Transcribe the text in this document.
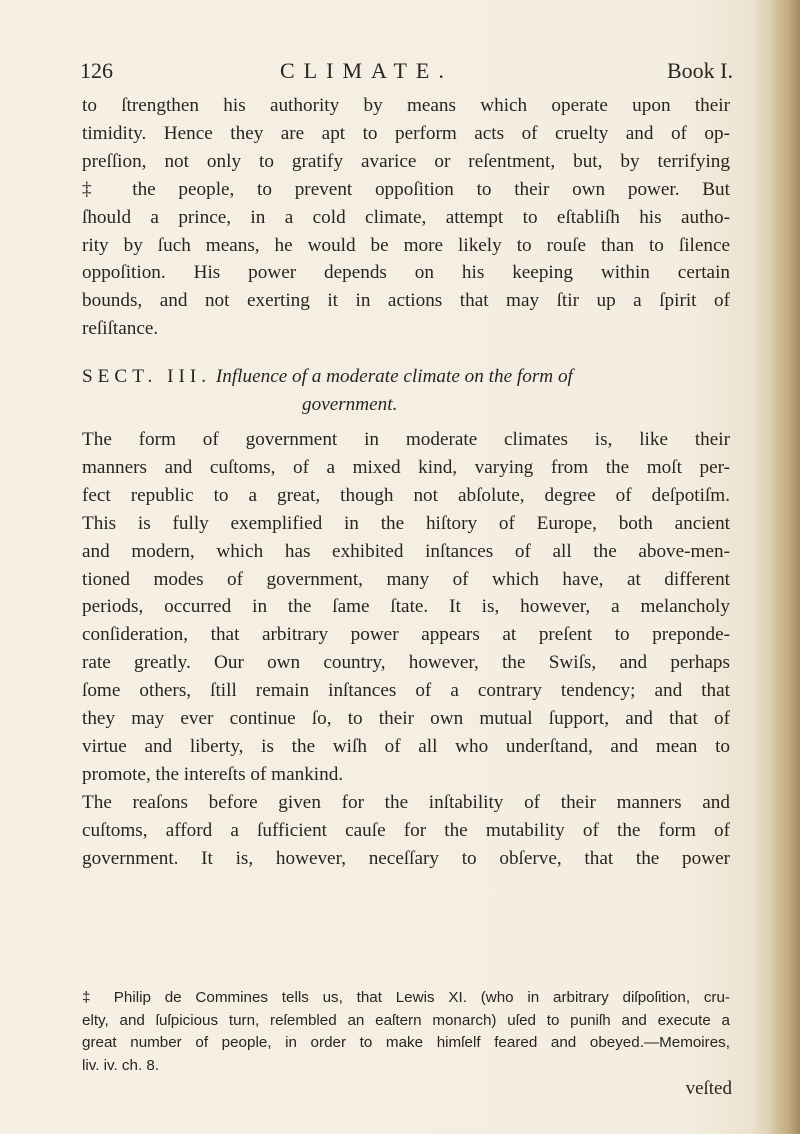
126	CLIMATE.	Book I.
to ſtrengthen his authority by means which operate upon their
timidity. Hence they are apt to perform acts of cruelty and of op-
preſſion, not only to gratify avarice or reſentment, but, by terrifying
‡ the people, to prevent oppoſition to their own power. But
ſhould a prince, in a cold climate, attempt to eſtabliſh his autho-
rity by ſuch means, he would be more likely to rouſe than to ſilence
oppoſition. His power depends on his keeping within certain
bounds, and not exerting it in actions that may ſtir up a ſpirit of
reſiſtance.
SECT. III. Influence of a moderate climate on the form of
government.
The form of government in moderate climates is, like their
manners and cuſtoms, of a mixed kind, varying from the moſt per-
fect republic to a great, though not abſolute, degree of deſpotiſm.
This is fully exemplified in the hiſtory of Europe, both ancient
and modern, which has exhibited inſtances of all the above-men-
tioned modes of government, many of which have, at different
periods, occurred in the ſame ſtate. It is, however, a melancholy
conſideration, that arbitrary power appears at preſent to preponde-
rate greatly. Our own country, however, the Swiſs, and perhaps
ſome others, ſtill remain inſtances of a contrary tendency; and that
they may ever continue ſo, to their own mutual ſupport, and that of
virtue and liberty, is the wiſh of all who underſtand, and mean to
promote, the intereſts of mankind.
The reaſons before given for the inſtability of their manners and
cuſtoms, afford a ſufficient cauſe for the mutability of the form of
government. It is, however, neceſſary to obſerve, that the power
‡ Philip de Commines tells us, that Lewis XI. (who in arbitrary diſpoſition, cru-
elty, and ſuſpicious turn, reſembled an eaſtern monarch) uſed to puniſh and execute a
great number of people, in order to make himſelf feared and obeyed.—Memoires,
liv. iv. ch. 8.
veſted
